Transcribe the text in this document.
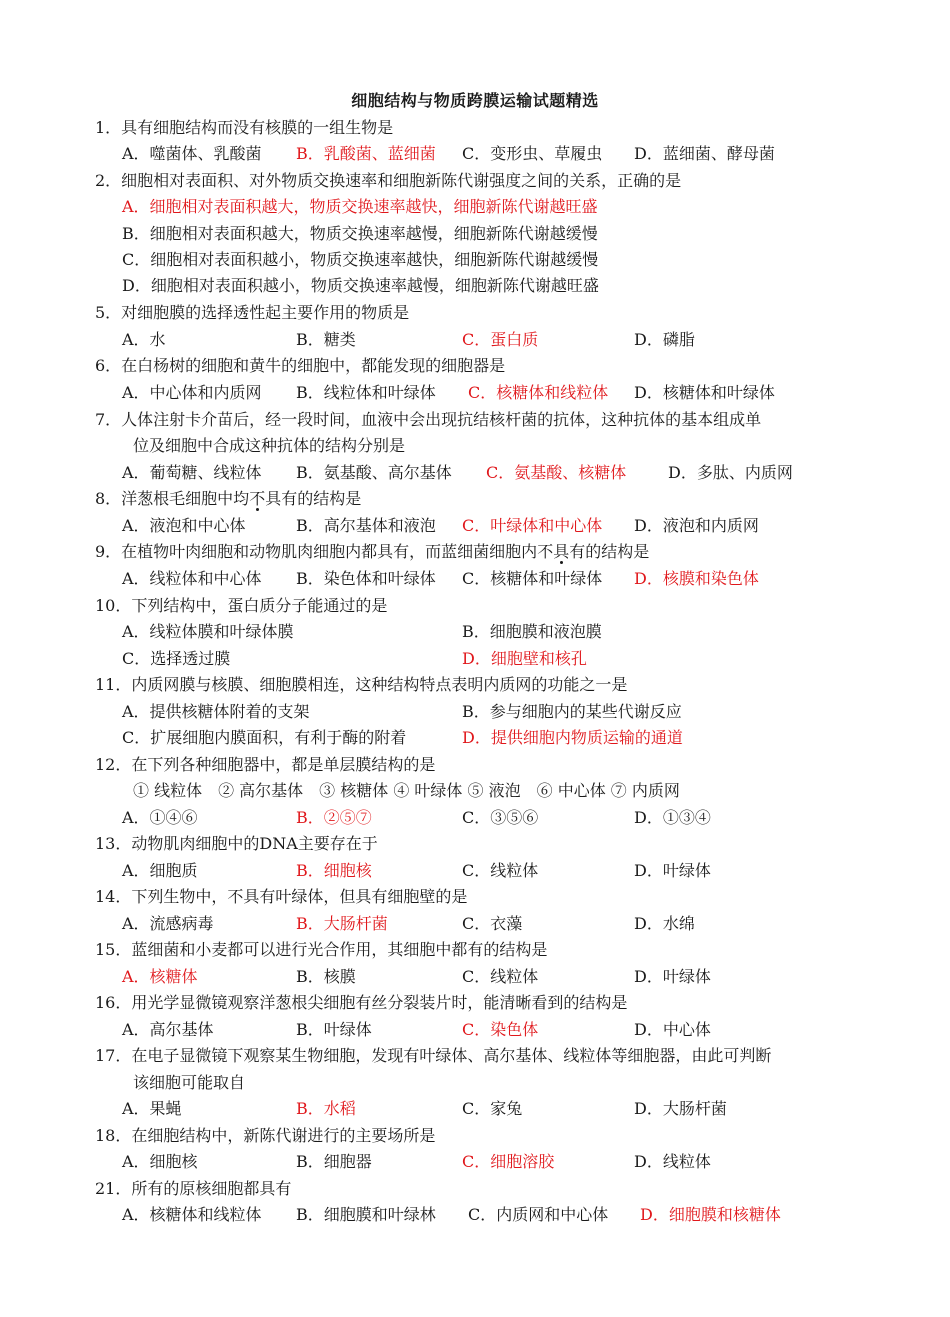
细胞结构与物质跨膜运输试题精选
1．具有细胞结构而没有核膜的一组生物是
A．噬菌体、乳酸菌 B．乳酸菌、蓝细菌 C．变形虫、草履虫 D．蓝细菌、酵母菌
2．细胞相对表面积、对外物质交换速率和细胞新陈代谢强度之间的关系，正确的是
A．细胞相对表面积越大，物质交换速率越快，细胞新陈代谢越旺盛
B．细胞相对表面积越大，物质交换速率越慢，细胞新陈代谢越缓慢
C．细胞相对表面积越小，物质交换速率越快，细胞新陈代谢越缓慢
D．细胞相对表面积越小，物质交换速率越慢，细胞新陈代谢越旺盛
5．对细胞膜的选择透性起主要作用的物质是
A．水	B．糖类	C．蛋白质	D．磷脂
6．在白杨树的细胞和黄牛的细胞中，都能发现的细胞器是
A．中心体和内质网 B．线粒体和叶绿体 C．核糖体和线粒体 D．核糖体和叶绿体
7．人体注射卡介苗后，经一段时间，血液中会出现抗结核杆菌的抗体，这种抗体的基本组成单
位及细胞中合成这种抗体的结构分别是
A．葡萄糖、线粒体 B．氨基酸、高尔基体 C．氨基酸、核糖体	D．多肽、内质网
8．洋葱根毛细胞中均不具有的结构是
A．液泡和中心体	B．高尔基体和液泡 C．叶绿体和中心体 D．液泡和内质网
9．在植物叶肉细胞和动物肌肉细胞内都具有，而蓝细菌细胞内不具有的结构是
A．线粒体和中心体 B．染色体和叶绿体 C．核糖体和叶绿体 D．核膜和染色体
10．下列结构中，蛋白质分子能通过的是
A．线粒体膜和叶绿体膜	B．细胞膜和液泡膜
C．选择透过膜	D．细胞壁和核孔
11．内质网膜与核膜、细胞膜相连，这种结构特点表明内质网的功能之一是
A．提供核糖体附着的支架	B．参与细胞内的某些代谢反应
C．扩展细胞内膜面积，有利于酶的附着	D．提供细胞内物质运输的通道
12．在下列各种细胞器中，都是单层膜结构的是
① 线粒体　② 高尔基体　③ 核糖体 ④ 叶绿体 ⑤ 液泡　⑥ 中心体 ⑦ 内质网
A．①④⑥	B．②⑤⑦	C．③⑤⑥	D．①③④
13．动物肌肉细胞中的DNA主要存在于
A．细胞质	B．细胞核	C．线粒体	D．叶绿体
14．下列生物中，不具有叶绿体，但具有细胞壁的是
A．流感病毒	B．大肠杆菌	C．衣藻	D．水绵
15．蓝细菌和小麦都可以进行光合作用，其细胞中都有的结构是
A．核糖体	B．核膜	C．线粒体	D．叶绿体
16．用光学显微镜观察洋葱根尖细胞有丝分裂装片时，能清晰看到的结构是
A．高尔基体	B．叶绿体	C．染色体	D．中心体
17．在电子显微镜下观察某生物细胞，发现有叶绿体、高尔基体、线粒体等细胞器，由此可判断
该细胞可能取自
A．果蝇	B．水稻	C．家兔	D．大肠杆菌
18．在细胞结构中，新陈代谢进行的主要场所是
A．细胞核	B．细胞器	C．细胞溶胶	D．线粒体
21．所有的原核细胞都具有
A．核糖体和线粒体 B．细胞膜和叶绿林 C．内质网和中心体 D．细胞膜和核糖体
